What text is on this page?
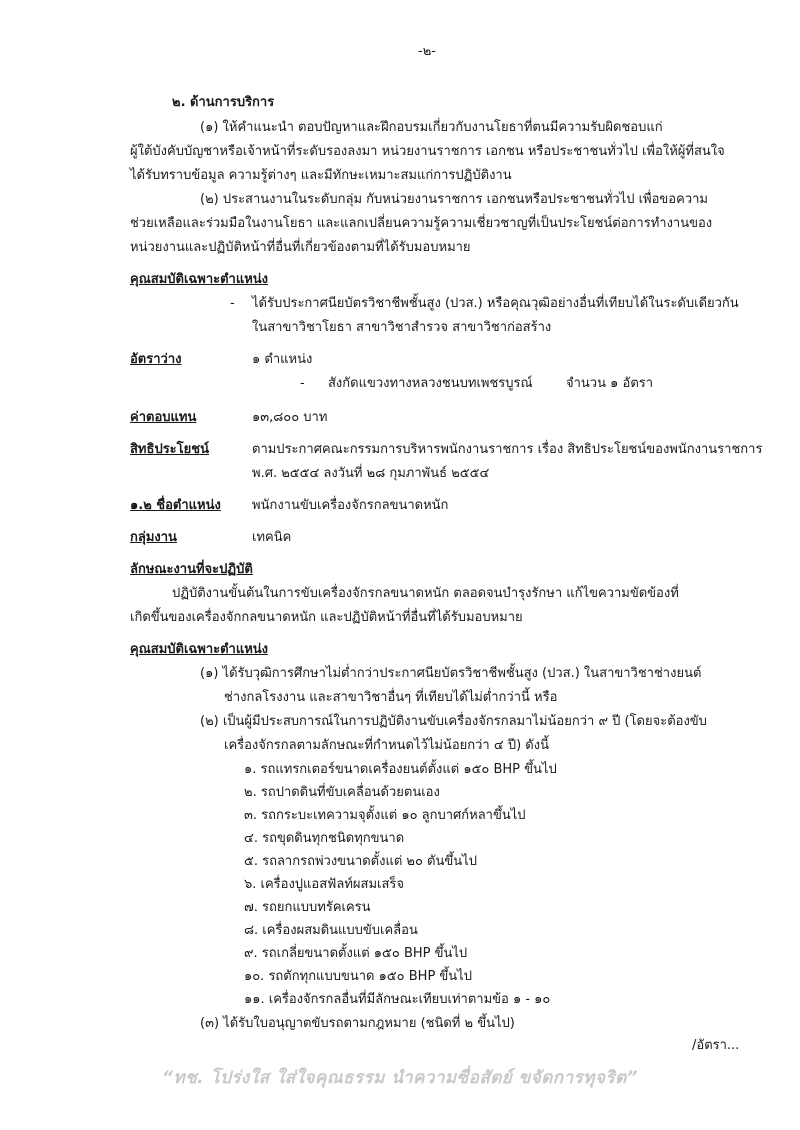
-๒-
๒. ด้านการบริการ
(๑) ให้คำแนะนำ ตอบปัญหาและฝึกอบรมเกี่ยวกับงานโยธาที่ตนมีความรับผิดชอบแก่
ผู้ใต้บังคับบัญชาหรือเจ้าหน้าที่ระดับรองลงมา หน่วยงานราชการ เอกชน หรือประชาชนทั่วไป เพื่อให้ผู้ที่สนใจ
ได้รับทราบข้อมูล ความรู้ต่างๆ และมีทักษะเหมาะสมแก่การปฏิบัติงาน
(๒) ประสานงานในระดับกลุ่ม กับหน่วยงานราชการ เอกชนหรือประชาชนทั่วไป เพื่อขอความ
ช่วยเหลือและร่วมมือในงานโยธา และแลกเปลี่ยนความรู้ความเชี่ยวชาญที่เป็นประโยชน์ต่อการทำงานของ
หน่วยงานและปฏิบัติหน้าที่อื่นที่เกี่ยวข้องตามที่ได้รับมอบหมาย
คุณสมบัติเฉพาะตำแหน่ง
- ได้รับประกาศนียบัตรวิชาชีพชั้นสูง (ปวส.) หรือคุณวุฒิอย่างอื่นที่เทียบได้ในระดับเดียวกัน
ในสาขาวิชาโยธา สาขาวิชาสำรวจ สาขาวิชาก่อสร้าง
อัตราว่าง	๑ ตำแหน่ง
- สังกัดแขวงทางหลวงชนบทเพชรบูรณ์	จำนวน ๑ อัตรา
ค่าตอบแทน	๑๓,๘๐๐ บาท
สิทธิประโยชน์	ตามประกาศคณะกรรมการบริหารพนักงานราชการ เรื่อง สิทธิประโยชน์ของพนักงานราชการ
พ.ศ. ๒๕๕๔ ลงวันที่ ๒๘ กุมภาพันธ์ ๒๕๕๔
๑.๒ ชื่อตำแหน่ง พนักงานขับเครื่องจักรกลขนาดหนัก
กลุ่มงาน	เทคนิค
ลักษณะงานที่จะปฏิบัติ
ปฏิบัติงานขั้นต้นในการขับเครื่องจักรกลขนาดหนัก ตลอดจนบำรุงรักษา แก้ไขความขัดข้องที่
เกิดขึ้นของเครื่องจักกลขนาดหนัก และปฏิบัติหน้าที่อื่นที่ได้รับมอบหมาย
คุณสมบัติเฉพาะตำแหน่ง
(๑) ได้รับวุฒิการศึกษาไม่ต่ำกว่าประกาศนียบัตรวิชาชีพชั้นสูง (ปวส.) ในสาขาวิชาช่างยนต์
ช่างกลโรงงาน และสาขาวิชาอื่นๆ ที่เทียบได้ไม่ต่ำกว่านี้ หรือ
(๒) เป็นผู้มีประสบการณ์ในการปฏิบัติงานขับเครื่องจักรกลมาไม่น้อยกว่า ๙ ปี (โดยจะต้องขับ
เครื่องจักรกลตามลักษณะที่กำหนดไว้ไม่น้อยกว่า ๔ ปี) ดังนี้
๑. รถแทรกเตอร์ขนาดเครื่องยนต์ตั้งแต่ ๑๕๐ BHP ขึ้นไป
๒. รถปาดดินที่ขับเคลื่อนด้วยตนเอง
๓. รถกระบะเทความจุตั้งแต่ ๑๐ ลูกบาศก์หลาขึ้นไป
๔. รถขุดดินทุกชนิดทุกขนาด
๕. รถลากรถพ่วงขนาดตั้งแต่ ๒๐ ตันขึ้นไป
๖. เครื่องปูแอสฟัลท์ผสมเสร็จ
๗. รถยกแบบทรัคเครน
๘. เครื่องผสมดินแบบขับเคลื่อน
๙. รถเกลี่ยขนาดตั้งแต่ ๑๕๐ BHP ขึ้นไป
๑๐. รถตักทุกแบบขนาด ๑๕๐ BHP ขึ้นไป
๑๑. เครื่องจักรกลอื่นที่มีลักษณะเทียบเท่าตามข้อ ๑ - ๑๐
(๓) ได้รับใบอนุญาตขับรถตามกฎหมาย (ชนิดที่ ๒ ขึ้นไป)
/อัตรา...
“ทช. โปร่งใส ใส่ใจคุณธรรม นำความซื่อสัตย์ ขจัดการทุจริต”
